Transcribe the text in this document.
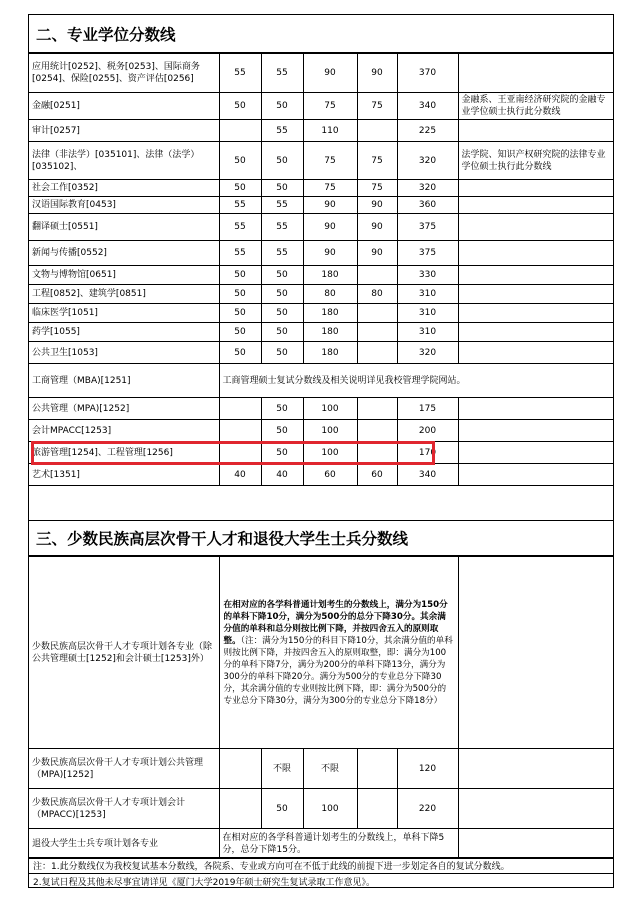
二、专业学位分数线
应用统计[0252]、税务[0253]、国际商务[0254]、保险[0255]、资产评估[0256]	55	55	90	90	370	
金融[0251]	50	50	75	75	340	金融系、王亚南经济研究院的金融专业学位硕士执行此分数线
审计[0257]		55	110		225	
法律（非法学）[035101]、法律（法学）[035102]、	50	50	75	75	320	法学院、知识产权研究院的法律专业学位硕士执行此分数线
社会工作[0352]	50	50	75	75	320	
汉语国际教育[0453]	55	55	90	90	360	
翻译硕士[0551]	55	55	90	90	375	
新闻与传播[0552]	55	55	90	90	375	
文物与博物馆[0651]	50	50	180		330	
工程[0852]、建筑学[0851]	50	50	80	80	310	
临床医学[1051]	50	50	180		310	
药学[1055]	50	50	180		310	
公共卫生[1053]	50	50	180		320	
工商管理（MBA)[1251]	工商管理硕士复试分数线及相关说明详见我校管理学院网站。					
公共管理（MPA)[1252]		50	100		175	
会计MPACC[1253]		50	100		200	
旅游管理[1254]、工程管理[1256]		50	100		170	
艺术[1351]	40	40	60	60	340	
三、少数民族高层次骨干人才和退役大学生士兵分数线
少数民族高层次骨干人才专项计划各专业（除公共管理硕士[1252]和会计硕士[1253]外）	在相对应的各学科普通计划考生的分数线上，满分为150分的单科下降10分，满分为500分的总分下降30分。其余满分值的单科和总分则按比例下降，并按四舍五入的原则取整。（注：满分为150分的科目下降10分，其余满分值的单科则按比例下降，并按四舍五入的原则取整，即：满分为100分的单科下降7分，满分为200分的单科下降13分，满分为300分的单科下降20分。满分为500分的专业总分下降30分，其余满分值的专业则按比例下降，即：满分为500分的专业总分下降30分，满分为300分的专业总分下降18分）					
少数民族高层次骨干人才专项计划公共管理（MPA)[1252]		不限	不限		120	
少数民族高层次骨干人才专项计划会计（MPACC)[1253]		50	100		220	
退役大学生士兵专项计划各专业	在相对应的各学科普通计划考生的分数线上，单科下降5分，总分下降15分。					
注：1.此分数线仅为我校复试基本分数线，各院系、专业或方向可在不低于此线的前提下进一步划定各自的复试分数线。
2.复试日程及其他未尽事宜请详见《厦门大学2019年硕士研究生复试录取工作意见》。
